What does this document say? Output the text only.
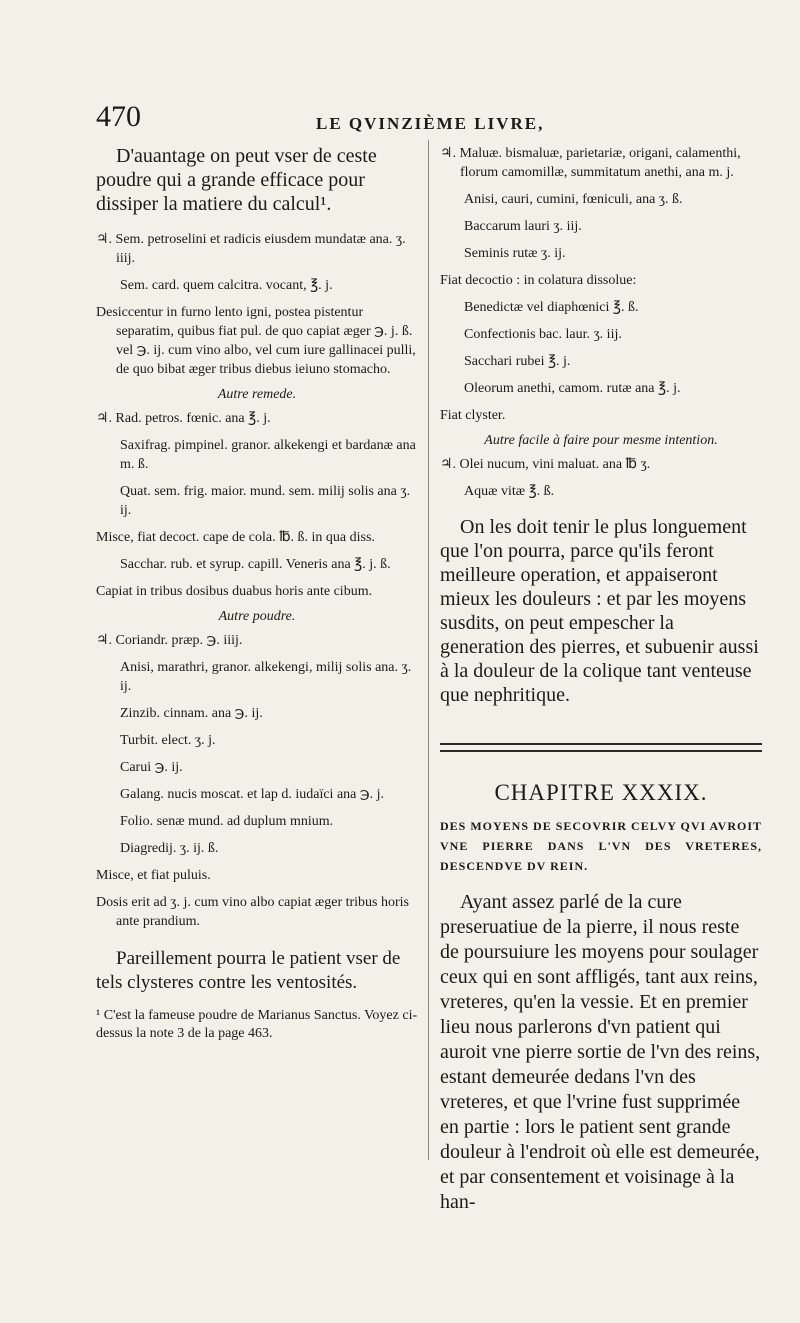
470	LE QVINZIÈME LIVRE,

D'auantage on peut vser de ceste poudre qui a grande efficace pour dissiper la matiere du calcul¹.

♃. Sem. petroselini et radicis eiusdem mundatæ ana. ʒ. iiij.

Sem. card. quem calcitra. vocant, ℥. j.

Desiccentur in furno lento igni, postea pistentur separatim, quibus fiat pul. de quo capiat æger ℈. j. ß. vel ℈. ij. cum vino albo, vel cum iure gallinacei pulli, de quo bibat æger tribus diebus ieiuno stomacho.

Autre remede.

♃. Rad. petros. fœnic. ana ℥. j.

Saxifrag. pimpinel. granor. alkekengi et bardanæ ana m. ß.

Quat. sem. frig. maior. mund. sem. milij solis ana ʒ. ij.

Misce, fiat decoct. cape de cola. ℔. ß. in qua diss.

Sacchar. rub. et syrup. capill. Veneris ana ℥. j. ß.

Capiat in tribus dosibus duabus horis ante cibum.

Autre poudre.

♃. Coriandr. præp. ℈. iiij.

Anisi, marathri, granor. alkekengi, milij solis ana. ʒ. ij.

Zinzib. cinnam. ana ℈. ij.

Turbit. elect. ʒ. j.

Carui ℈. ij.

Galang. nucis moscat. et lap d. iudaïci ana ℈. j.

Folio. senæ mund. ad duplum mnium.

Diagredij. ʒ. ij. ß.

Misce, et fiat puluis.

Dosis erit ad ʒ. j. cum vino albo capiat æger tribus horis ante prandium.

Pareillement pourra le patient vser de tels clysteres contre les ventosités.

¹ C'est la fameuse poudre de Marianus Sanctus. Voyez ci-dessus la note 3 de la page 463.

♃. Maluæ. bismaluæ, parietariæ, origani, calamenthi, florum camomillæ, summitatum anethi, ana m. j.

Anisi, cauri, cumini, fœniculi, ana ʒ. ß.

Baccarum lauri ʒ. iij.

Seminis rutæ ʒ. ij.

Fiat decoctio : in colatura dissolue:

Benedictæ vel diaphœnici ℥. ß.

Confectionis bac. laur. ʒ. iij.

Sacchari rubei ℥. j.

Oleorum anethi, camom. rutæ ana ℥. j.

Fiat clyster.

Autre facile à faire pour mesme intention.

♃. Olei nucum, vini maluat. ana ℔ ʒ.

Aquæ vitæ ℥. ß.

On les doit tenir le plus longuement que l'on pourra, parce qu'ils feront meilleure operation, et appaiseront mieux les douleurs : et par les moyens susdits, on peut empescher la generation des pierres, et subuenir aussi à la douleur de la colique tant venteuse que nephritique.

CHAPITRE XXXIX.
DES MOYENS DE SECOVRIR CELVY QVI AVROIT VNE PIERRE DANS L'VN DES VRETERES, DESCENDVE DV REIN.

Ayant assez parlé de la cure preseruatiue de la pierre, il nous reste de poursuiure les moyens pour soulager ceux qui en sont affligés, tant aux reins, vreteres, qu'en la vessie. Et en premier lieu nous parlerons d'vn patient qui auroit vne pierre sortie de l'vn des reins, estant demeurée dedans l'vn des vreteres, et que l'vrine fust supprimée en partie : lors le patient sent grande douleur à l'endroit où elle est demeurée, et par consentement et voisinage à la han-
